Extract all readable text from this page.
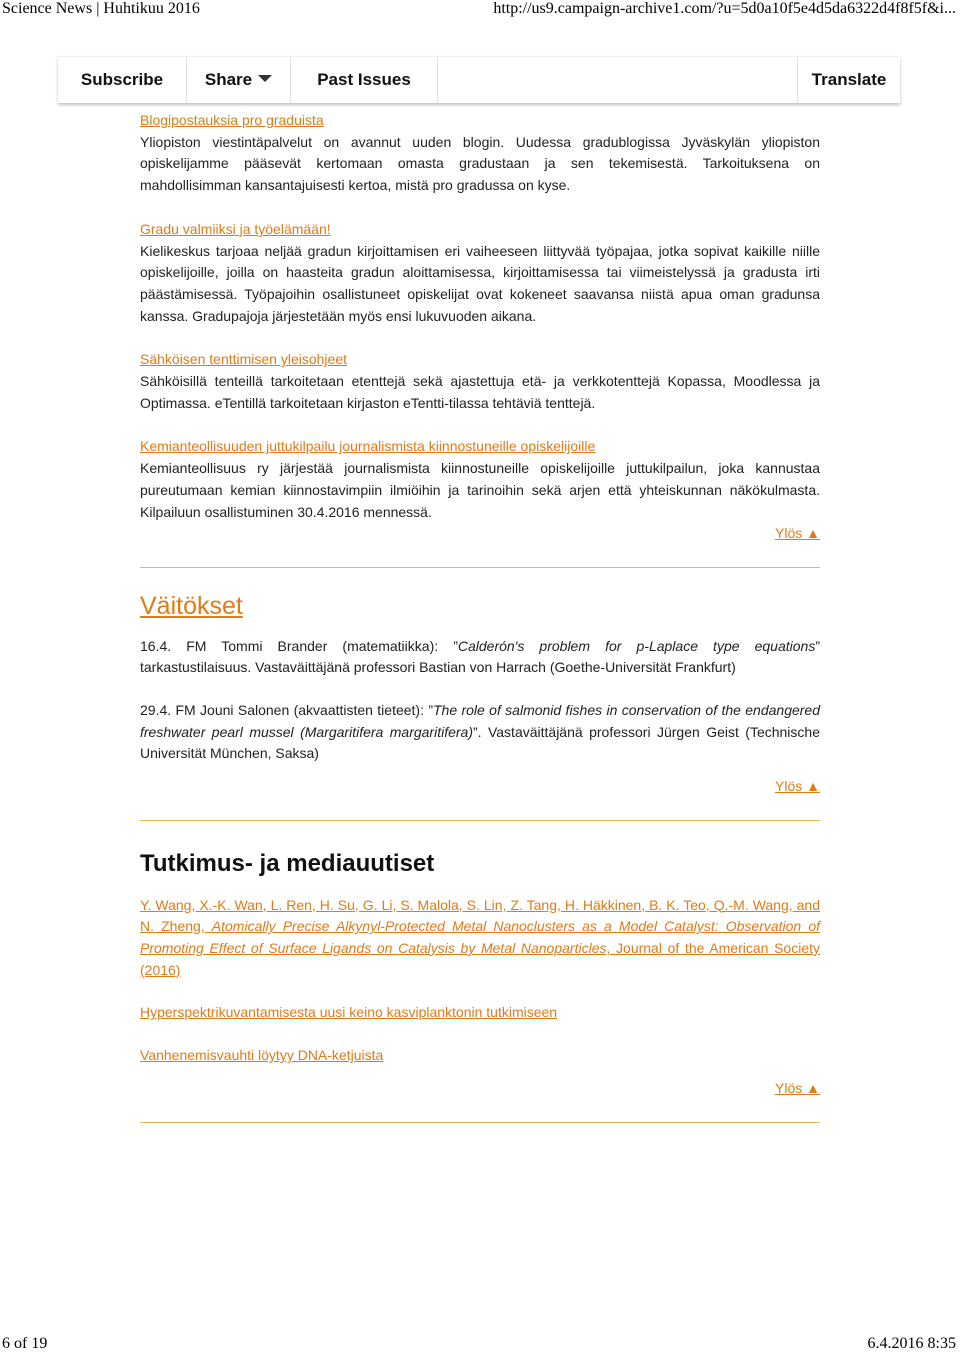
Science News | Huhtikuu 2016	http://us9.campaign-archive1.com/?u=5d0a10f5e4d5da6322d4f8f5f&i...
Subscribe	Share	Past Issues	Translate
Blogipostauksia pro graduista

Yliopiston viestintäpalvelut on avannut uuden blogin. Uudessa gradublogissa Jyväskylän yliopiston opiskelijamme pääsevät kertomaan omasta gradustaan ja sen tekemisestä. Tarkoituksena on mahdollisimman kansantajuisesti kertoa, mistä pro gradussa on kyse.

Gradu valmiiksi ja työelämään!

Kielikeskus tarjoaa neljää gradun kirjoittamisen eri vaiheeseen liittyvää työpajaa, jotka sopivat kaikille niille opiskelijoille, joilla on haasteita gradun aloittamisessa, kirjoittamisessa tai viimeistelyssä ja gradusta irti päästämisessä. Työpajoihin osallistuneet opiskelijat ovat kokeneet saavansa niistä apua oman gradunsa kanssa. Gradupajoja järjestetään myös ensi lukuvuoden aikana.

Sähköisen tenttimisen yleisohjeet

Sähköisillä tenteillä tarkoitetaan etenttejä sekä ajastettuja etä- ja verkkotenttejä Kopassa, Moodlessa ja Optimassa. eTentillä tarkoitetaan kirjaston eTentti-tilassa tehtäviä tenttejä.

Kemianteollisuuden juttukilpailu journalismista kiinnostuneille opiskelijoille

Kemianteollisuus ry järjestää journalismista kiinnostuneille opiskelijoille juttukilpailun, joka kannustaa pureutumaan kemian kiinnostavimpiin ilmiöihin ja tarinoihin sekä arjen että yhteiskunnan näkökulmasta. Kilpailuun osallistuminen 30.4.2016 mennessä.

Ylös ▲
Väitökset

16.4. FM Tommi Brander (matematiikka): ”Calderón's problem for p-Laplace type equations” tarkastustilaisuus. Vastaväittäjänä professori Bastian von Harrach (Goethe-Universität Frankfurt)

29.4. FM Jouni Salonen (akvaattisten tieteet): ”The role of salmonid fishes in conservation of the endangered freshwater pearl mussel (Margaritifera margaritifera)”. Vastaväittäjänä professori Jürgen Geist (Technische Universität München, Saksa)

Ylös ▲
Tutkimus- ja mediauutiset

Y. Wang, X.-K. Wan, L. Ren, H. Su, G. Li, S. Malola, S. Lin, Z. Tang, H. Häkkinen, B. K. Teo, Q.-M. Wang, and N. Zheng, Atomically Precise Alkynyl-Protected Metal Nanoclusters as a Model Catalyst: Observation of Promoting Effect of Surface Ligands on Catalysis by Metal Nanoparticles, Journal of the American Society (2016)

Hyperspektrikuvantamisesta uusi keino kasviplanktonin tutkimiseen

Vanhenemisvauhti löytyy DNA-ketjuista

Ylös ▲
6 of 19	6.4.2016 8:35
